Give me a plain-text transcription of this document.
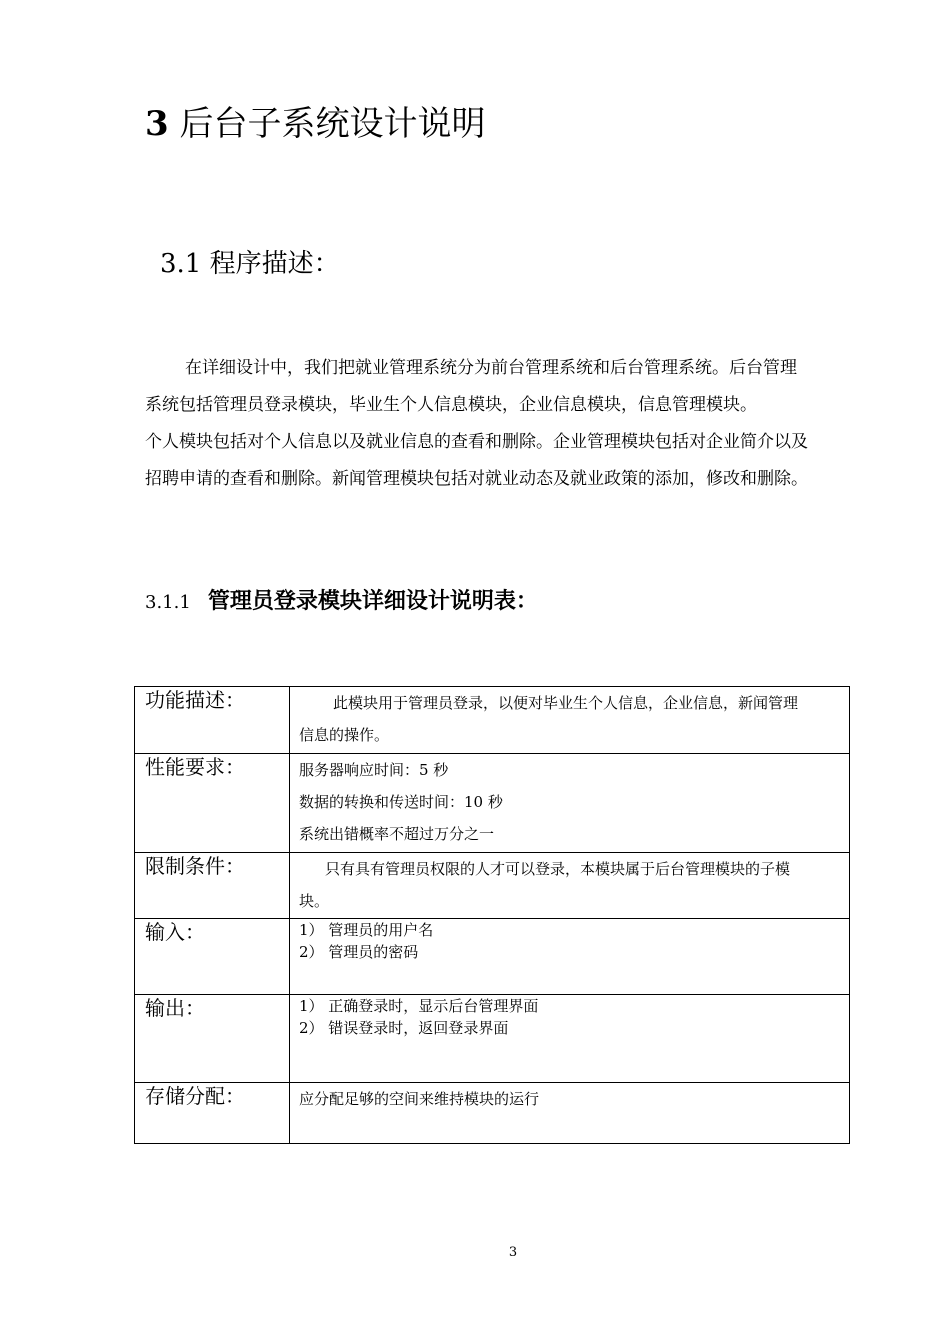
3 后台子系统设计说明
3.1 程序描述：

在详细设计中，我们把就业管理系统分为前台管理系统和后台管理系统。后台管理

系统包括管理员登录模块，毕业生个人信息模块，企业信息模块，信息管理模块。

个人模块包括对个人信息以及就业信息的查看和删除。企业管理模块包括对企业简介以及

招聘申请的查看和删除。新闻管理模块包括对就业动态及就业政策的添加，修改和删除。

3.1.1 管理员登录模块详细设计说明表：
功能描述：	此模块用于管理员登录，以便对毕业生个人信息，企业信息，新闻管理
信息的操作。

性能要求：	服务器响应时间：5 秒
数据的转换和传送时间：10 秒
系统出错概率不超过万分之一

限制条件：	只有具有管理员权限的人才可以登录，本模块属于后台管理模块的子模
块。

输入：	1） 管理员的用户名
2） 管理员的密码

输出：	1） 正确登录时，显示后台管理界面
2） 错误登录时，返回登录界面

存储分配：	应分配足够的空间来维持模块的运行
3
